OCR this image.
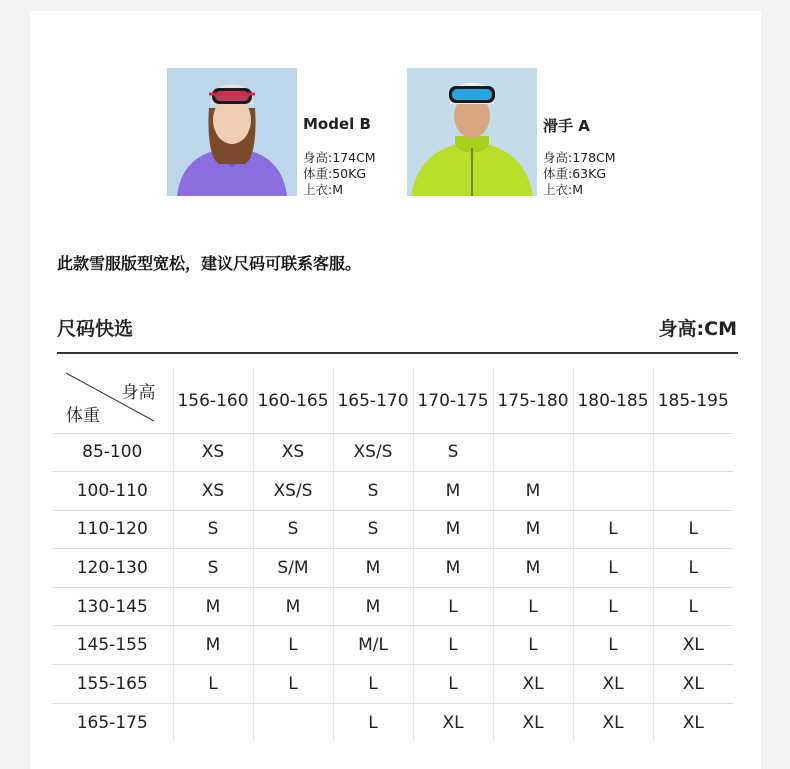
Model B
身高:174CM
体重:50KG
上衣:M
滑手 A
身高:178CM
体重:63KG
上衣:M
此款雪服版型宽松，建议尺码可联系客服。
尺码快选	身高:CM
身高
体重	156-160	160-165	165-170	170-175	175-180	180-185	185-195
85-100	XS	XS	XS/S	S			
100-110	XS	XS/S	S	M	M		
110-120	S	S	S	M	M	L	L
120-130	S	S/M	M	M	M	L	L
130-145	M	M	M	L	L	L	L
145-155	M	L	M/L	L	L	L	XL
155-165	L	L	L	L	XL	XL	XL
165-175			L	XL	XL	XL	XL
